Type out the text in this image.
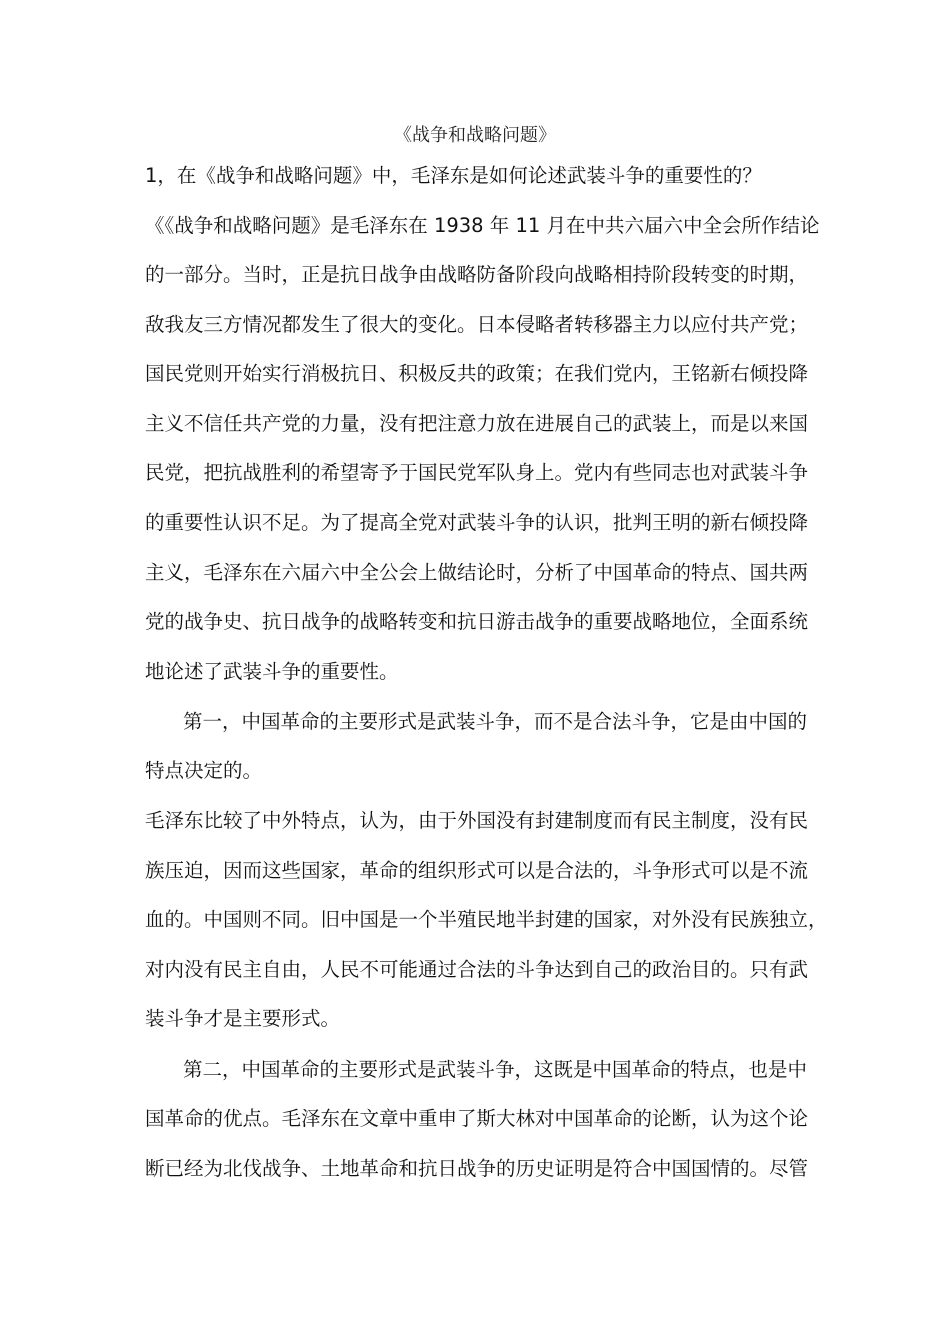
《战争和战略问题》
1，在《战争和战略问题》中，毛泽东是如何论述武装斗争的重要性的？
《《战争和战略问题》是毛泽东在 1938 年 11 月在中共六届六中全会所作结论
的一部分。当时，正是抗日战争由战略防备阶段向战略相持阶段转变的时期，
敌我友三方情况都发生了很大的变化。日本侵略者转移器主力以应付共产党；
国民党则开始实行消极抗日、积极反共的政策；在我们党内，王铭新右倾投降
主义不信任共产党的力量，没有把注意力放在进展自己的武装上，而是以来国
民党，把抗战胜利的希望寄予于国民党军队身上。党内有些同志也对武装斗争
的重要性认识不足。为了提高全党对武装斗争的认识，批判王明的新右倾投降
主义，毛泽东在六届六中全公会上做结论时，分析了中国革命的特点、国共两
党的战争史、抗日战争的战略转变和抗日游击战争的重要战略地位，全面系统
地论述了武装斗争的重要性。
第一，中国革命的主要形式是武装斗争，而不是合法斗争，它是由中国的
特点决定的。
毛泽东比较了中外特点，认为，由于外国没有封建制度而有民主制度，没有民
族压迫，因而这些国家，革命的组织形式可以是合法的，斗争形式可以是不流
血的。中国则不同。旧中国是一个半殖民地半封建的国家，对外没有民族独立，
对内没有民主自由，人民不可能通过合法的斗争达到自己的政治目的。只有武
装斗争才是主要形式。
第二，中国革命的主要形式是武装斗争，这既是中国革命的特点，也是中
国革命的优点。毛泽东在文章中重申了斯大林对中国革命的论断，认为这个论
断已经为北伐战争、土地革命和抗日战争的历史证明是符合中国国情的。尽管
